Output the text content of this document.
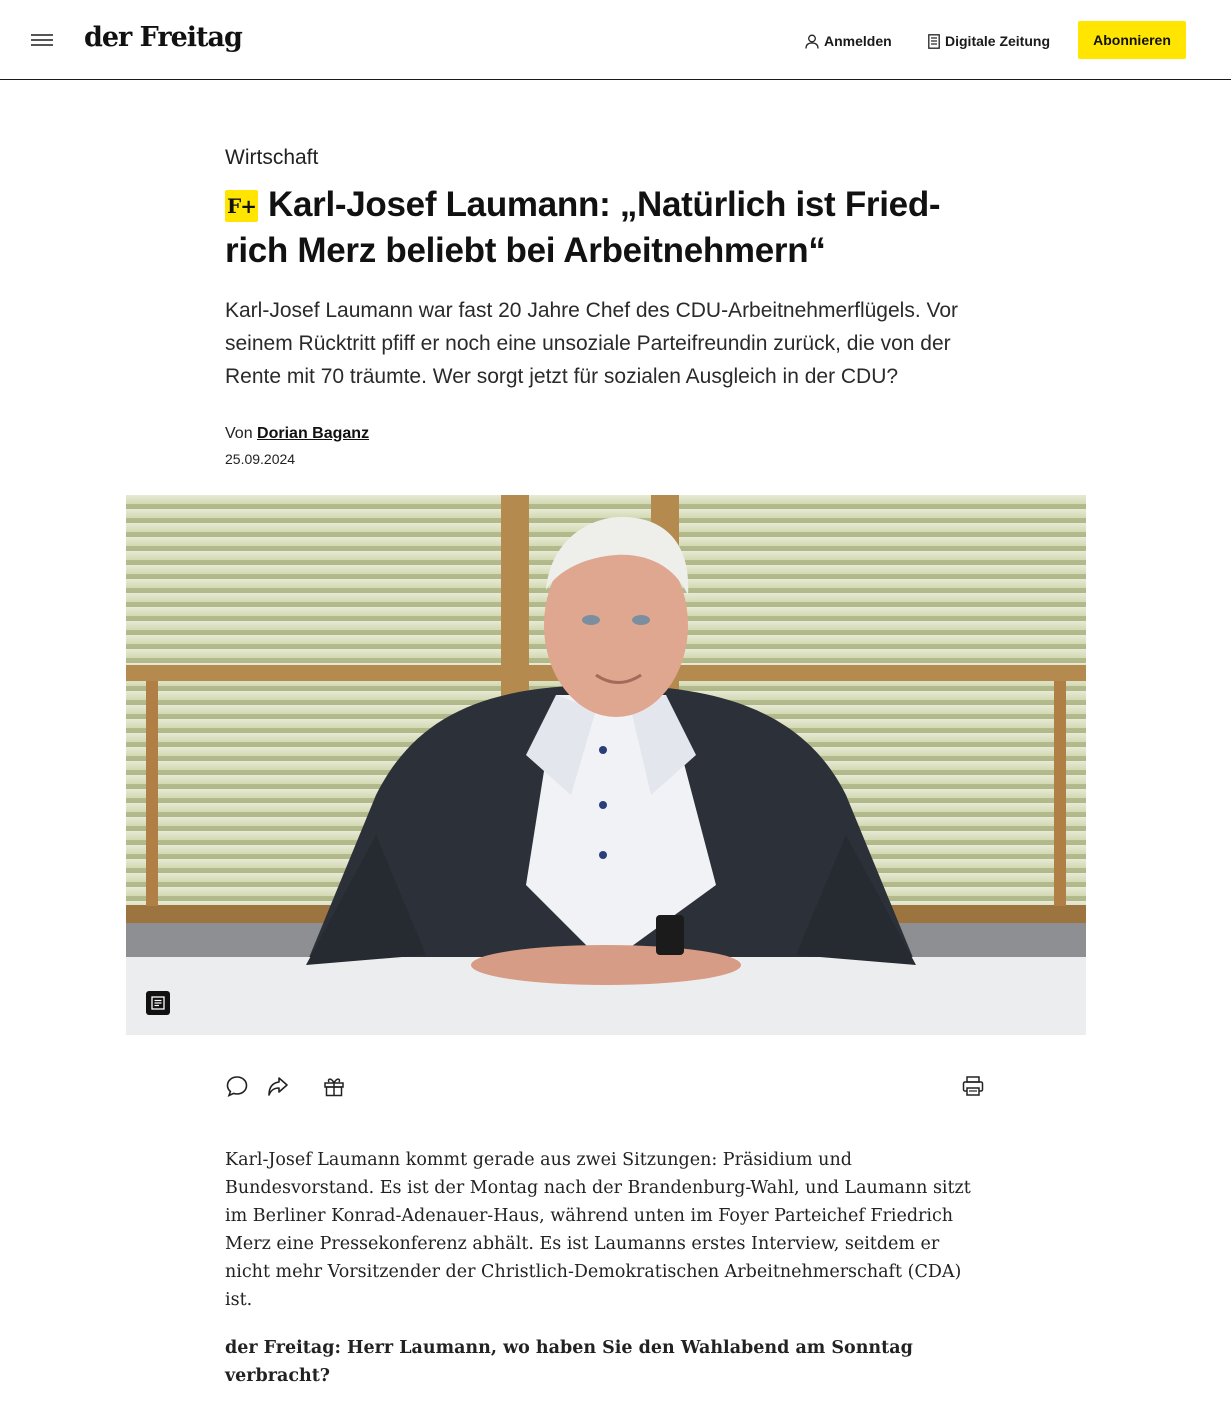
der Freitag	Anmelden	Digitale Zeitung	Abonnieren
Wirtschaft
F+ Karl-Josef Laumann: „Natürlich ist Fried-
rich Merz beliebt bei Arbeitnehmern“

Karl-Josef Laumann war fast 20 Jahre Chef des CDU-Arbeitnehmerflügels. Vor seinem Rücktritt pfiff er noch eine unsoziale Parteifreundin zurück, die von der Rente mit 70 träumte. Wer sorgt jetzt für sozialen Ausgleich in der CDU?

Von Dorian Baganz
25.09.2024

Karl-Josef Laumann kommt gerade aus zwei Sitzungen: Präsidium und Bundesvorstand. Es ist der Montag nach der Brandenburg-Wahl, und Laumann sitzt im Berliner Konrad-Adenauer-Haus, während unten im Foyer Parteichef Friedrich Merz eine Pressekonferenz abhält. Es ist Laumanns erstes Interview, seitdem er nicht mehr Vorsitzender der Christlich-Demokratischen Arbeitnehmerschaft (CDA) ist.

der Freitag: Herr Laumann, wo haben Sie den Wahlabend am Sonntag verbracht?
